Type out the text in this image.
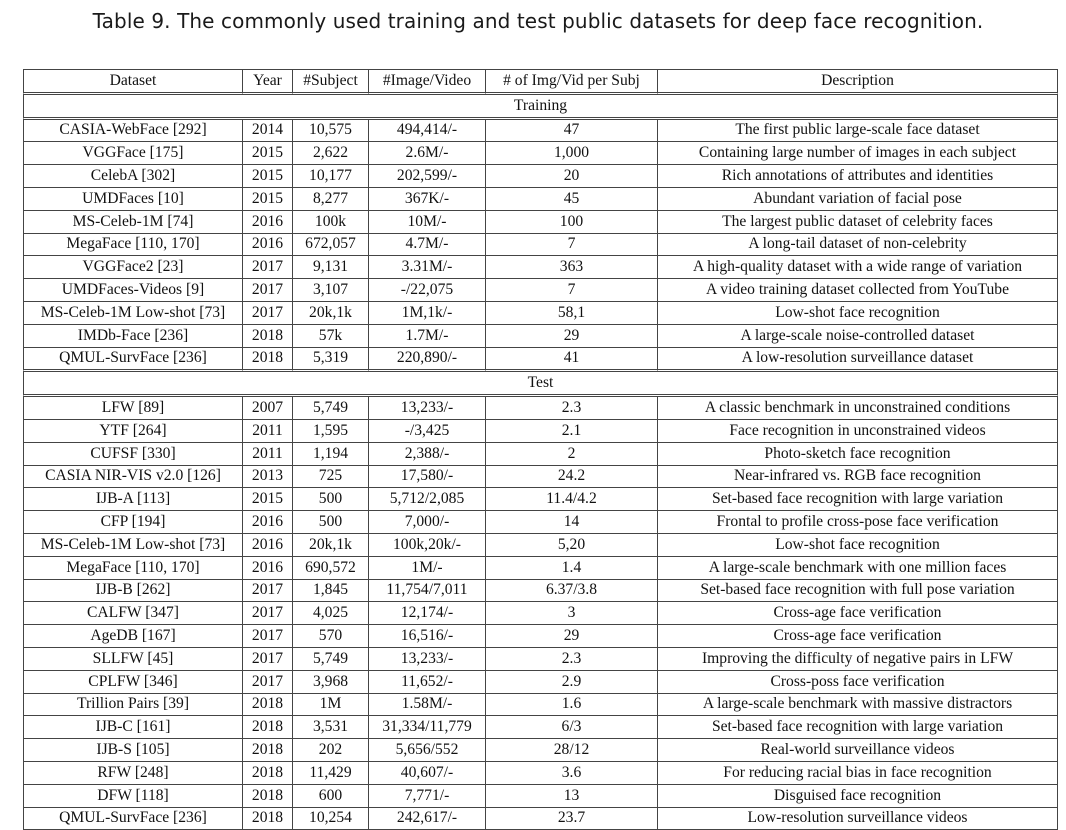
Table 9. The commonly used training and test public datasets for deep face recognition.
Dataset	Year	#Subject	#Image/Video	# of Img/Vid per Subj	Description
Training					
CASIA-WebFace [292]	2014	10,575	494,414/-	47	The first public large-scale face dataset
VGGFace [175]	2015	2,622	2.6M/-	1,000	Containing large number of images in each subject
CelebA [302]	2015	10,177	202,599/-	20	Rich annotations of attributes and identities
UMDFaces [10]	2015	8,277	367K/-	45	Abundant variation of facial pose
MS-Celeb-1M [74]	2016	100k	10M/-	100	The largest public dataset of celebrity faces
MegaFace [110, 170]	2016	672,057	4.7M/-	7	A long-tail dataset of non-celebrity
VGGFace2 [23]	2017	9,131	3.31M/-	363	A high-quality dataset with a wide range of variation
UMDFaces-Videos [9]	2017	3,107	-/22,075	7	A video training dataset collected from YouTube
MS-Celeb-1M Low-shot [73]	2017	20k,1k	1M,1k/-	58,1	Low-shot face recognition
IMDb-Face [236]	2018	57k	1.7M/-	29	A large-scale noise-controlled dataset
QMUL-SurvFace [236]	2018	5,319	220,890/-	41	A low-resolution surveillance dataset
Test					
LFW [89]	2007	5,749	13,233/-	2.3	A classic benchmark in unconstrained conditions
YTF [264]	2011	1,595	-/3,425	2.1	Face recognition in unconstrained videos
CUFSF [330]	2011	1,194	2,388/-	2	Photo-sketch face recognition
CASIA NIR-VIS v2.0 [126]	2013	725	17,580/-	24.2	Near-infrared vs. RGB face recognition
IJB-A [113]	2015	500	5,712/2,085	11.4/4.2	Set-based face recognition with large variation
CFP [194]	2016	500	7,000/-	14	Frontal to profile cross-pose face verification
MS-Celeb-1M Low-shot [73]	2016	20k,1k	100k,20k/-	5,20	Low-shot face recognition
MegaFace [110, 170]	2016	690,572	1M/-	1.4	A large-scale benchmark with one million faces
IJB-B [262]	2017	1,845	11,754/7,011	6.37/3.8	Set-based face recognition with full pose variation
CALFW [347]	2017	4,025	12,174/-	3	Cross-age face verification
AgeDB [167]	2017	570	16,516/-	29	Cross-age face verification
SLLFW [45]	2017	5,749	13,233/-	2.3	Improving the difficulty of negative pairs in LFW
CPLFW [346]	2017	3,968	11,652/-	2.9	Cross-poss face verification
Trillion Pairs [39]	2018	1M	1.58M/-	1.6	A large-scale benchmark with massive distractors
IJB-C [161]	2018	3,531	31,334/11,779	6/3	Set-based face recognition with large variation
IJB-S [105]	2018	202	5,656/552	28/12	Real-world surveillance videos
RFW [248]	2018	11,429	40,607/-	3.6	For reducing racial bias in face recognition
DFW [118]	2018	600	7,771/-	13	Disguised face recognition
QMUL-SurvFace [236]	2018	10,254	242,617/-	23.7	Low-resolution surveillance videos
